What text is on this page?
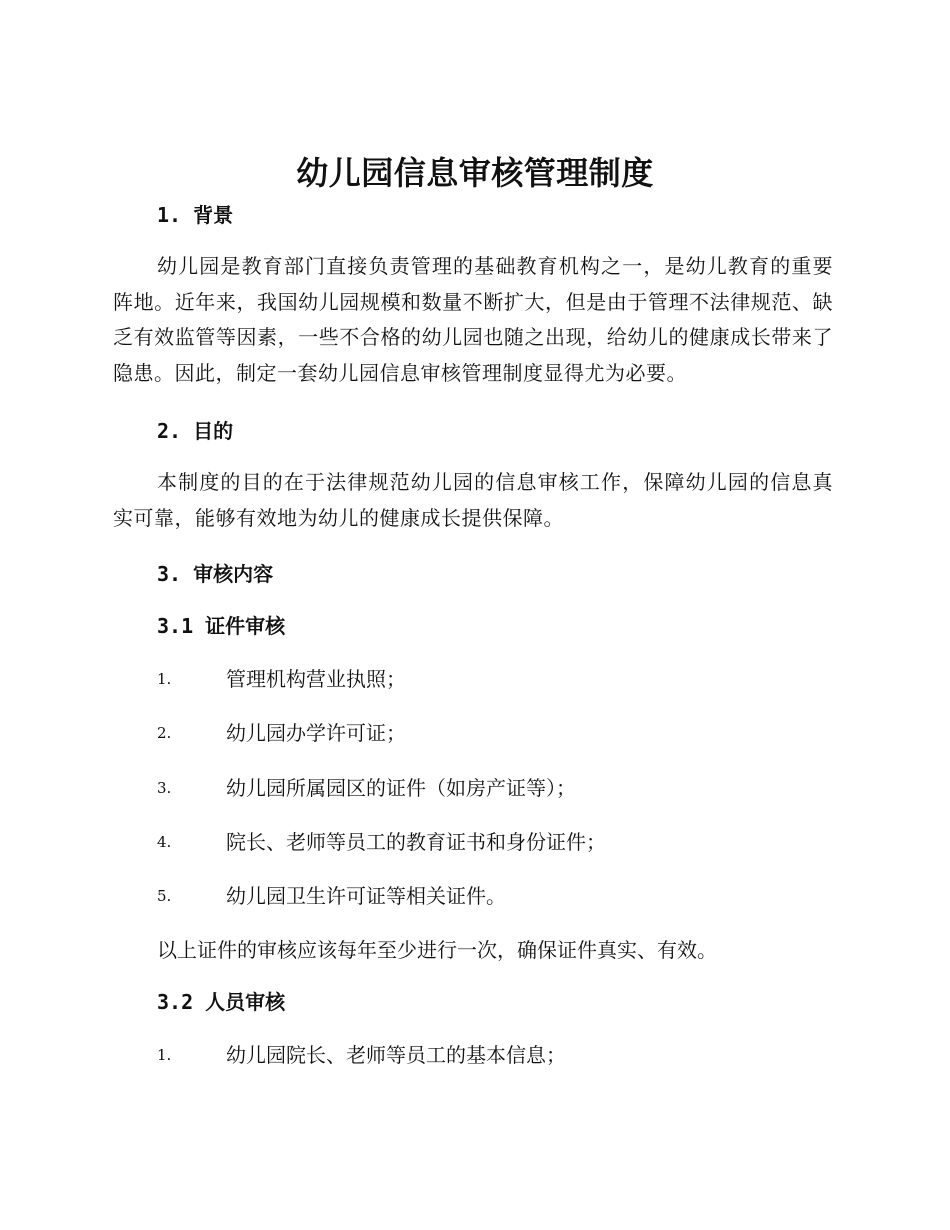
幼儿园信息审核管理制度
1. 背景

幼儿园是教育部门直接负责管理的基础教育机构之一，是幼儿教育的重要阵地。近年来，我国幼儿园规模和数量不断扩大，但是由于管理不法律规范、缺乏有效监管等因素，一些不合格的幼儿园也随之出现，给幼儿的健康成长带来了隐患。因此，制定一套幼儿园信息审核管理制度显得尤为必要。

2. 目的

本制度的目的在于法律规范幼儿园的信息审核工作，保障幼儿园的信息真实可靠，能够有效地为幼儿的健康成长提供保障。

3. 审核内容
3.1 证件审核
1.	管理机构营业执照；
2.	幼儿园办学许可证；
3.	幼儿园所属园区的证件（如房产证等）；
4.	院长、老师等员工的教育证书和身份证件；
5.	幼儿园卫生许可证等相关证件。
以上证件的审核应该每年至少进行一次，确保证件真实、有效。
3.2 人员审核
1.	幼儿园院长、老师等员工的基本信息；
